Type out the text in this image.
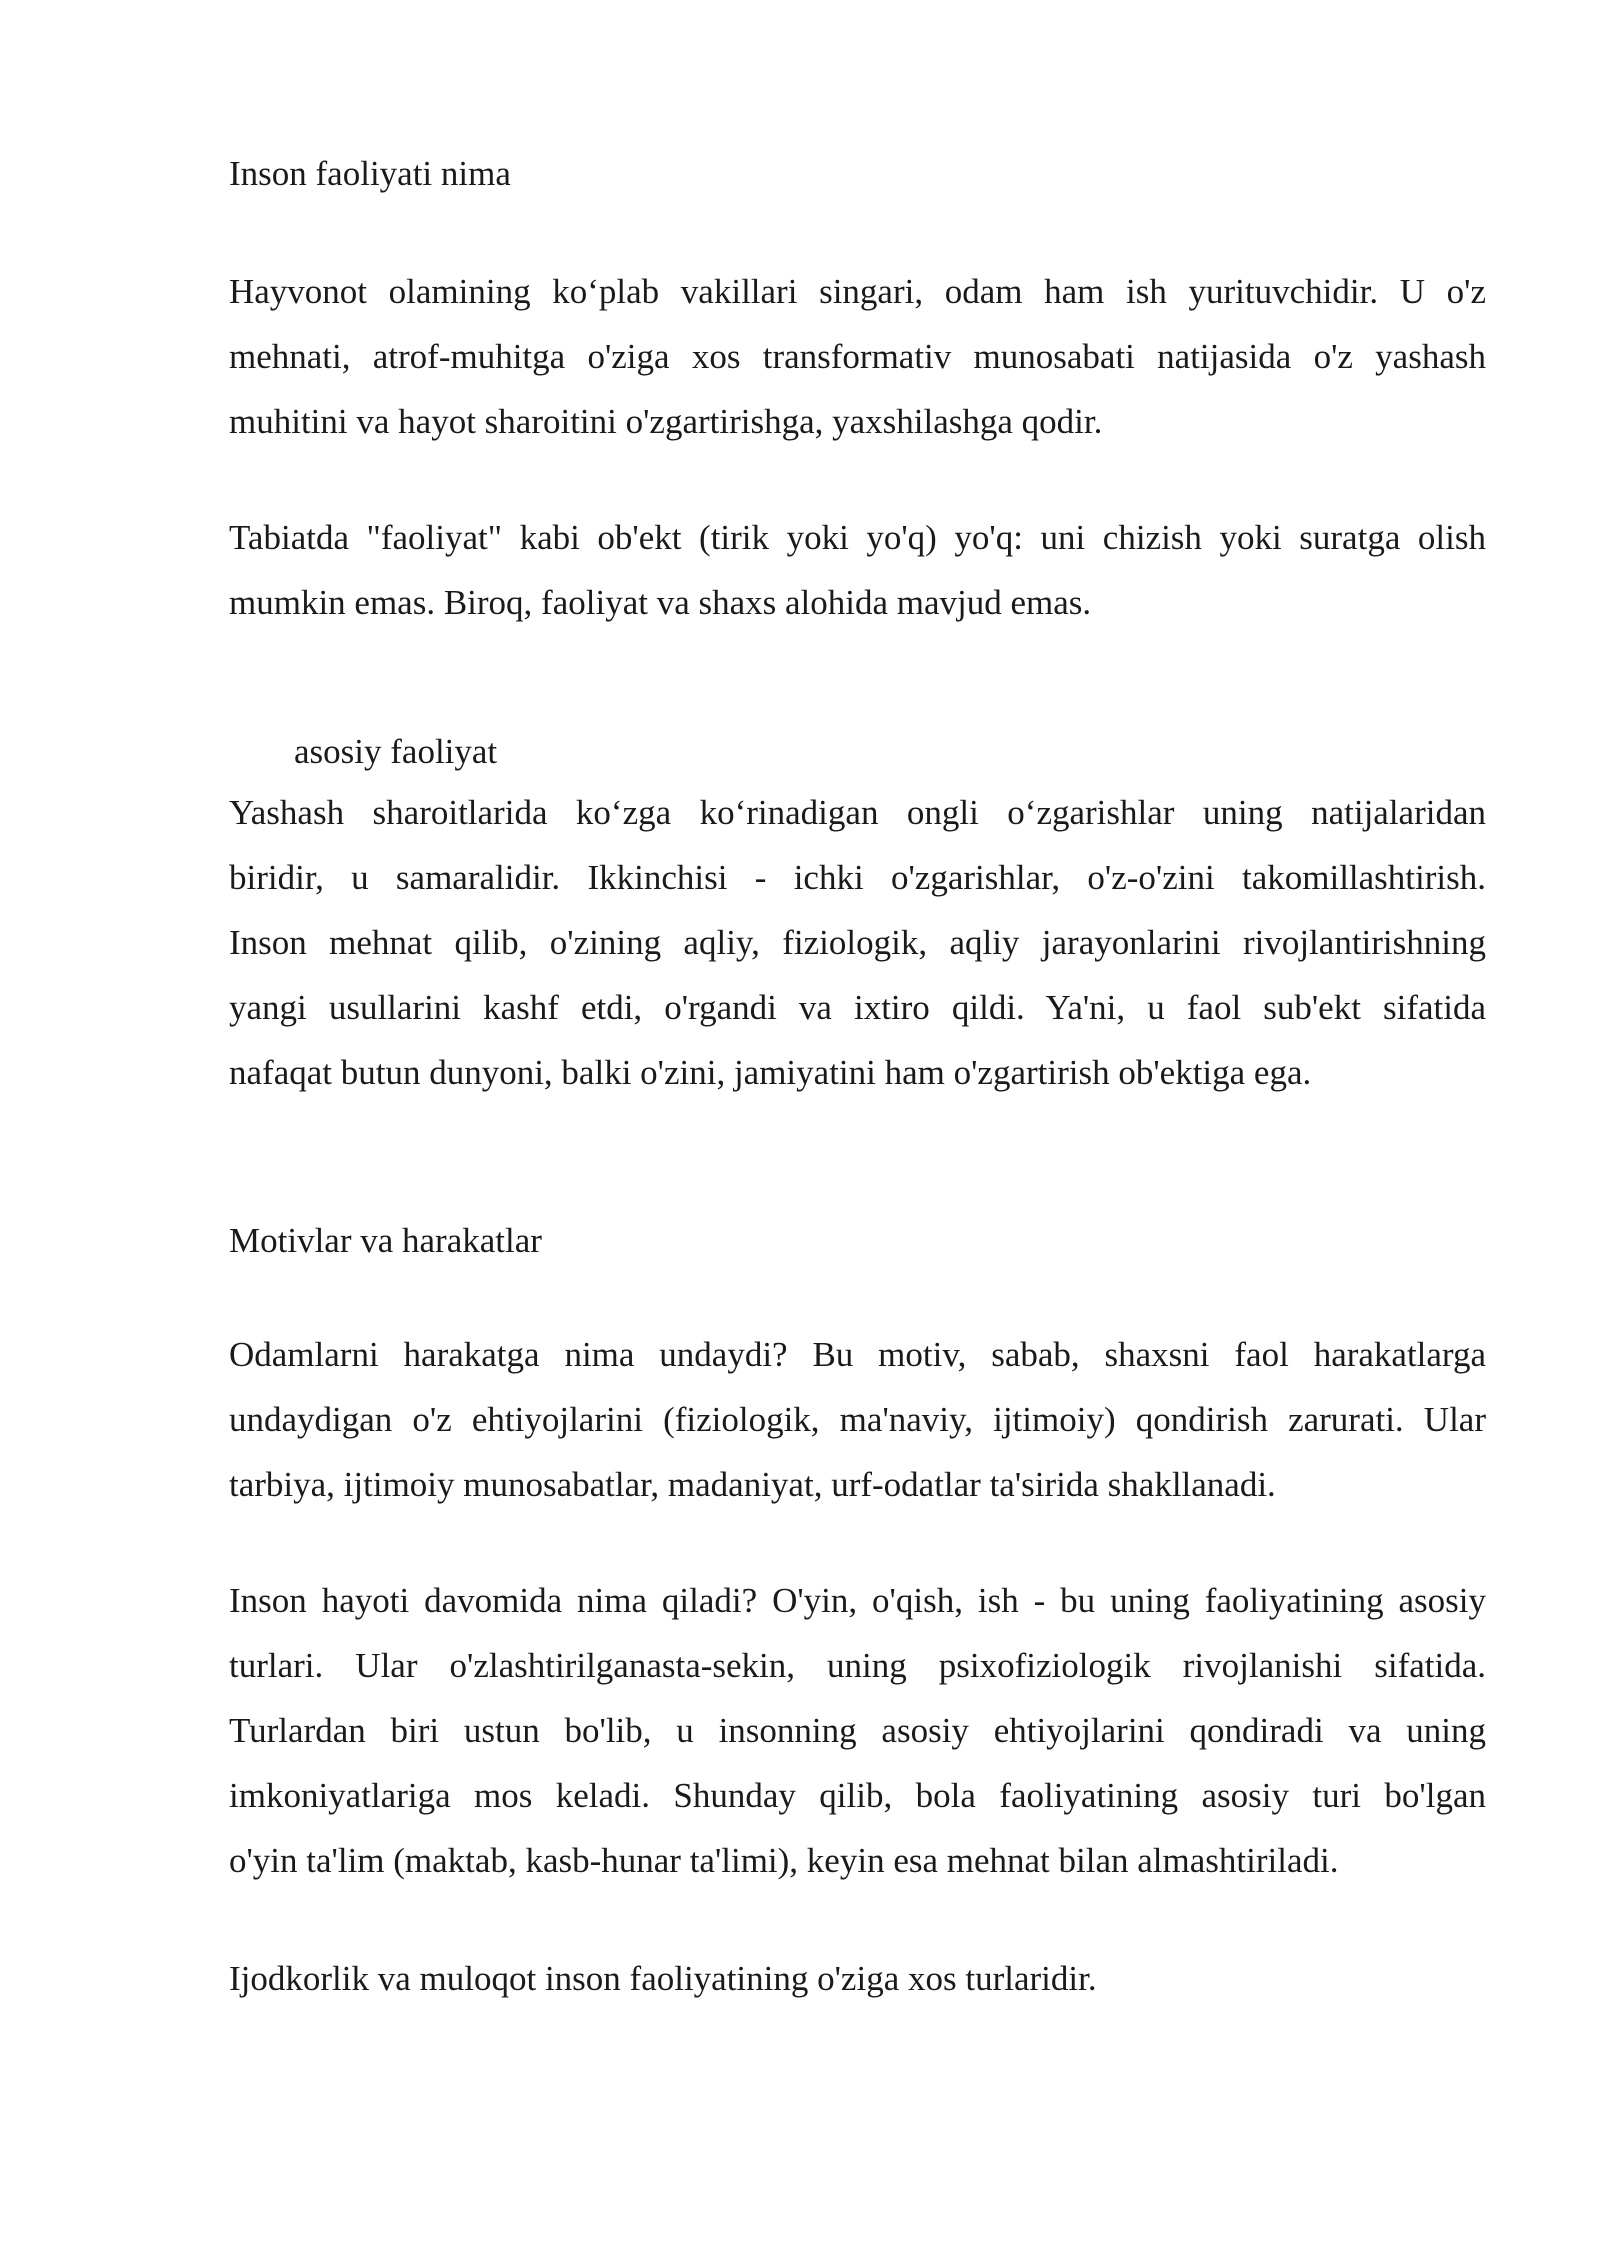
Inson faoliyati nima
Hayvonot olamining ko‘plab vakillari singari, odam ham ish yurituvchidir. U o'z
mehnati, atrof-muhitga o'ziga xos transformativ munosabati natijasida o'z yashash
muhitini va hayot sharoitini o'zgartirishga, yaxshilashga qodir.
Tabiatda "faoliyat" kabi ob'ekt (tirik yoki yo'q) yo'q: uni chizish yoki suratga olish
mumkin emas. Biroq, faoliyat va shaxs alohida mavjud emas.
asosiy faoliyat
Yashash sharoitlarida ko‘zga ko‘rinadigan ongli o‘zgarishlar uning natijalaridan
biridir, u samaralidir. Ikkinchisi - ichki o'zgarishlar, o'z-o'zini takomillashtirish.
Inson mehnat qilib, o'zining aqliy, fiziologik, aqliy jarayonlarini rivojlantirishning
yangi usullarini kashf etdi, o'rgandi va ixtiro qildi. Ya'ni, u faol sub'ekt sifatida
nafaqat butun dunyoni, balki o'zini, jamiyatini ham o'zgartirish ob'ektiga ega.
Motivlar va harakatlar
Odamlarni harakatga nima undaydi? Bu motiv, sabab, shaxsni faol harakatlarga
undaydigan o'z ehtiyojlarini (fiziologik, ma'naviy, ijtimoiy) qondirish zarurati. Ular
tarbiya, ijtimoiy munosabatlar, madaniyat, urf-odatlar ta'sirida shakllanadi.
Inson hayoti davomida nima qiladi? O'yin, o'qish, ish - bu uning faoliyatining asosiy
turlari. Ular o'zlashtirilganasta-sekin, uning psixofiziologik rivojlanishi sifatida.
Turlardan biri ustun bo'lib, u insonning asosiy ehtiyojlarini qondiradi va uning
imkoniyatlariga mos keladi. Shunday qilib, bola faoliyatining asosiy turi bo'lgan
o'yin ta'lim (maktab, kasb-hunar ta'limi), keyin esa mehnat bilan almashtiriladi.
Ijodkorlik va muloqot inson faoliyatining o'ziga xos turlaridir.
